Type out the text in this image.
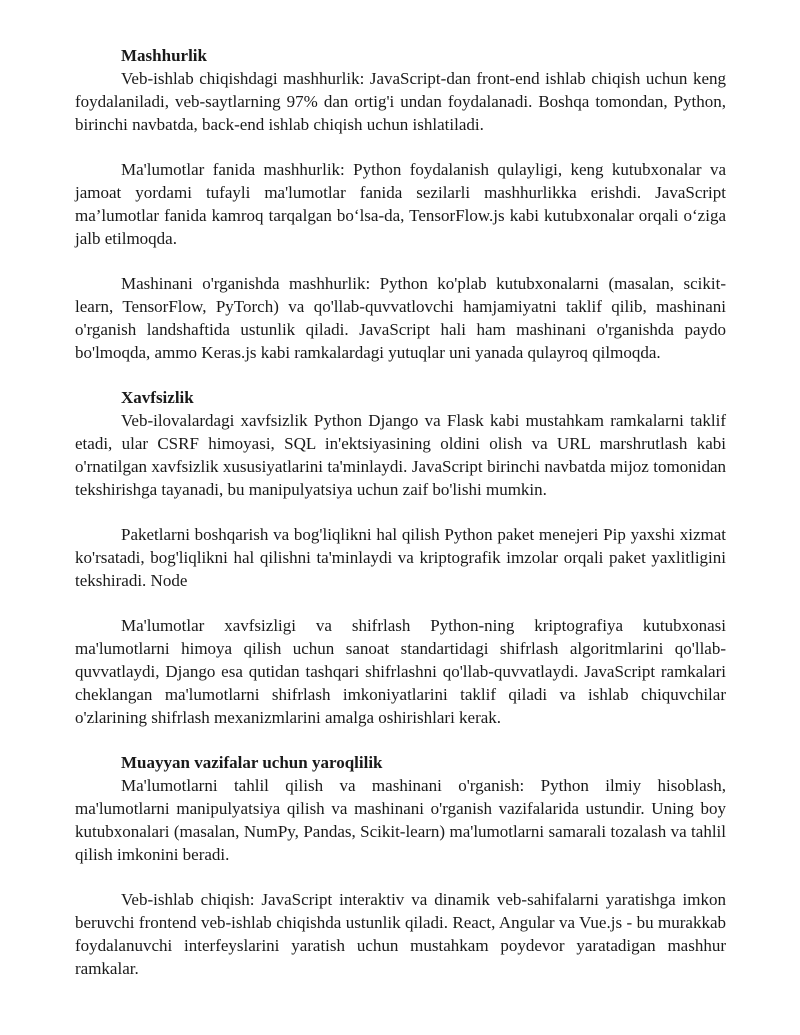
Mashhurlik

Veb-ishlab chiqishdagi mashhurlik: JavaScript-dan front-end ishlab chiqish uchun keng foydalaniladi, veb-saytlarning 97% dan ortig'i undan foydalanadi. Boshqa tomondan, Python, birinchi navbatda, back-end ishlab chiqish uchun ishlatiladi.

Ma'lumotlar fanida mashhurlik: Python foydalanish qulayligi, keng kutubxonalar va jamoat yordami tufayli ma'lumotlar fanida sezilarli mashhurlikka erishdi. JavaScript ma’lumotlar fanida kamroq tarqalgan bo‘lsa-da, TensorFlow.js kabi kutubxonalar orqali o‘ziga jalb etilmoqda.

Mashinani o'rganishda mashhurlik: Python ko'plab kutubxonalarni (masalan, scikit-learn, TensorFlow, PyTorch) va qo'llab-quvvatlovchi hamjamiyatni taklif qilib, mashinani o'rganish landshaftida ustunlik qiladi. JavaScript hali ham mashinani o'rganishda paydo bo'lmoqda, ammo Keras.js kabi ramkalardagi yutuqlar uni yanada qulayroq qilmoqda.

Xavfsizlik

Veb-ilovalardagi xavfsizlik Python Django va Flask kabi mustahkam ramkalarni taklif etadi, ular CSRF himoyasi, SQL in'ektsiyasining oldini olish va URL marshrutlash kabi o'rnatilgan xavfsizlik xususiyatlarini ta'minlaydi. JavaScript birinchi navbatda mijoz tomonidan tekshirishga tayanadi, bu manipulyatsiya uchun zaif bo'lishi mumkin.

Paketlarni boshqarish va bog'liqlikni hal qilish Python paket menejeri Pip yaxshi xizmat ko'rsatadi, bog'liqlikni hal qilishni ta'minlaydi va kriptografik imzolar orqali paket yaxlitligini tekshiradi. Node

Ma'lumotlar xavfsizligi va shifrlash Python-ning kriptografiya kutubxonasi ma'lumotlarni himoya qilish uchun sanoat standartidagi shifrlash algoritmlarini qo'llab-quvvatlaydi, Django esa qutidan tashqari shifrlashni qo'llab-quvvatlaydi. JavaScript ramkalari cheklangan ma'lumotlarni shifrlash imkoniyatlarini taklif qiladi va ishlab chiquvchilar o'zlarining shifrlash mexanizmlarini amalga oshirishlari kerak.

Muayyan vazifalar uchun yaroqlilik

Ma'lumotlarni tahlil qilish va mashinani o'rganish: Python ilmiy hisoblash, ma'lumotlarni manipulyatsiya qilish va mashinani o'rganish vazifalarida ustundir. Uning boy kutubxonalari (masalan, NumPy, Pandas, Scikit-learn) ma'lumotlarni samarali tozalash va tahlil qilish imkonini beradi.

Veb-ishlab chiqish: JavaScript interaktiv va dinamik veb-sahifalarni yaratishga imkon beruvchi frontend veb-ishlab chiqishda ustunlik qiladi. React, Angular va Vue.js - bu murakkab foydalanuvchi interfeyslarini yaratish uchun mustahkam poydevor yaratadigan mashhur ramkalar.
